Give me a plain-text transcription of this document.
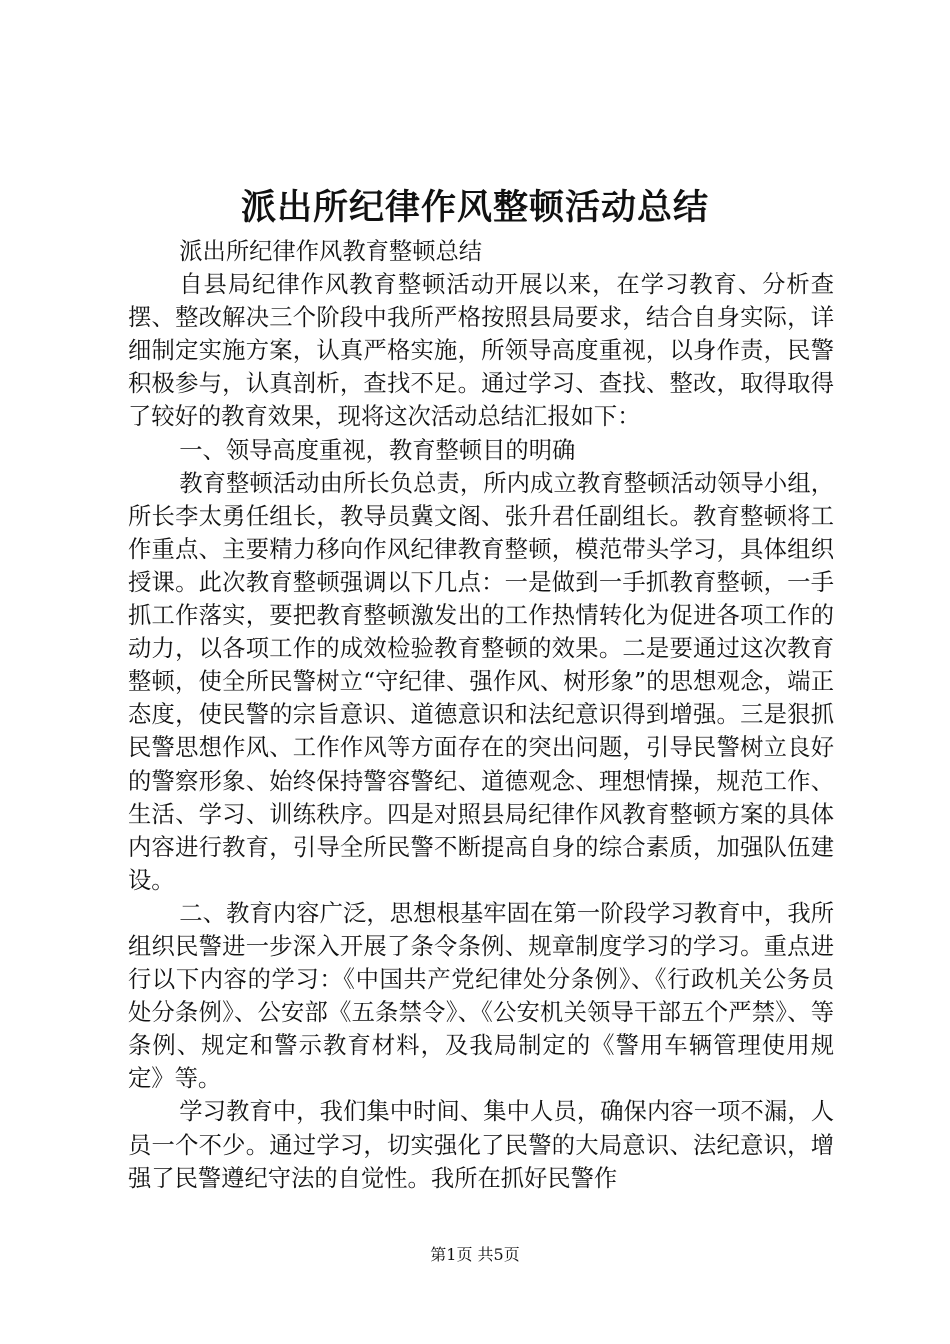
派出所纪律作风整顿活动总结

派出所纪律作风教育整顿总结

自县局纪律作风教育整顿活动开展以来，在学习教育、分析查摆、整改解决三个阶段中我所严格按照县局要求，结合自身实际，详细制定实施方案，认真严格实施，所领导高度重视，以身作责，民警积极参与，认真剖析，查找不足。通过学习、查找、整改，取得取得了较好的教育效果，现将这次活动总结汇报如下：

一、领导高度重视，教育整顿目的明确

教育整顿活动由所长负总责，所内成立教育整顿活动领导小组，所长李太勇任组长，教导员冀文阁、张升君任副组长。教育整顿将工作重点、主要精力移向作风纪律教育整顿，模范带头学习，具体组织授课。此次教育整顿强调以下几点：一是做到一手抓教育整顿，一手抓工作落实，要把教育整顿激发出的工作热情转化为促进各项工作的动力，以各项工作的成效检验教育整顿的效果。二是要通过这次教育整顿，使全所民警树立“守纪律、强作风、树形象”的思想观念，端正态度，使民警的宗旨意识、道德意识和法纪意识得到增强。三是狠抓民警思想作风、工作作风等方面存在的突出问题，引导民警树立良好的警察形象、始终保持警容警纪、道德观念、理想情操，规范工作、生活、学习、训练秩序。四是对照县局纪律作风教育整顿方案的具体内容进行教育，引导全所民警不断提高自身的综合素质，加强队伍建设。

二、教育内容广泛，思想根基牢固在第一阶段学习教育中，我所组织民警进一步深入开展了条令条例、规章制度学习的学习。重点进行以下内容的学习：《中国共产党纪律处分条例》、《行政机关公务员处分条例》、公安部《五条禁令》、《公安机关领导干部五个严禁》、等条例、规定和警示教育材料，及我局制定的《警用车辆管理使用规定》等。

学习教育中，我们集中时间、集中人员，确保内容一项不漏，人员一个不少。通过学习，切实强化了民警的大局意识、法纪意识，增强了民警遵纪守法的自觉性。我所在抓好民警作

第1页 共5页
